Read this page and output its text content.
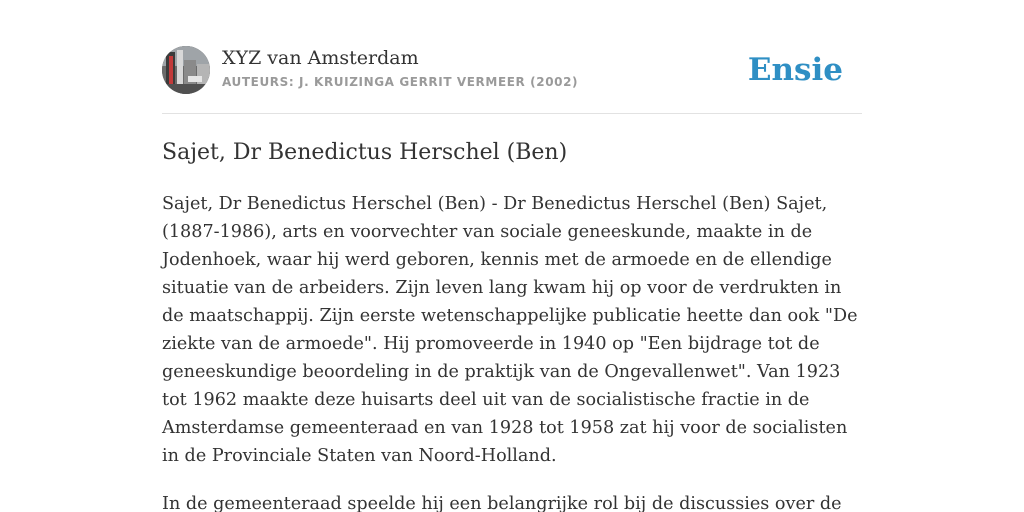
XYZ van Amsterdam
AUTEURS: J. KRUIZINGA GERRIT VERMEER (2002)	Ensie
Sajet, Dr Benedictus Herschel (Ben)

Sajet, Dr Benedictus Herschel (Ben) - Dr Benedictus Herschel (Ben) Sajet, (1887-1986), arts en voorvechter van sociale geneeskunde, maakte in de Jodenhoek, waar hij werd geboren, kennis met de armoede en de ellendige situatie van de arbeiders. Zijn leven lang kwam hij op voor de verdrukten in de maatschappij. Zijn eerste wetenschappelijke publicatie heette dan ook "De ziekte van de armoede". Hij promoveerde in 1940 op "Een bijdrage tot de geneeskundige beoordeling in de praktijk van de Ongevallenwet". Van 1923 tot 1962 maakte deze huisarts deel uit van de socialistische fractie in de Amsterdamse gemeenteraad en van 1928 tot 1958 zat hij voor de socialisten in de Provinciale Staten van Noord-Holland.

In de gemeenteraad speelde hij een belangrijke rol bij de discussies over de
